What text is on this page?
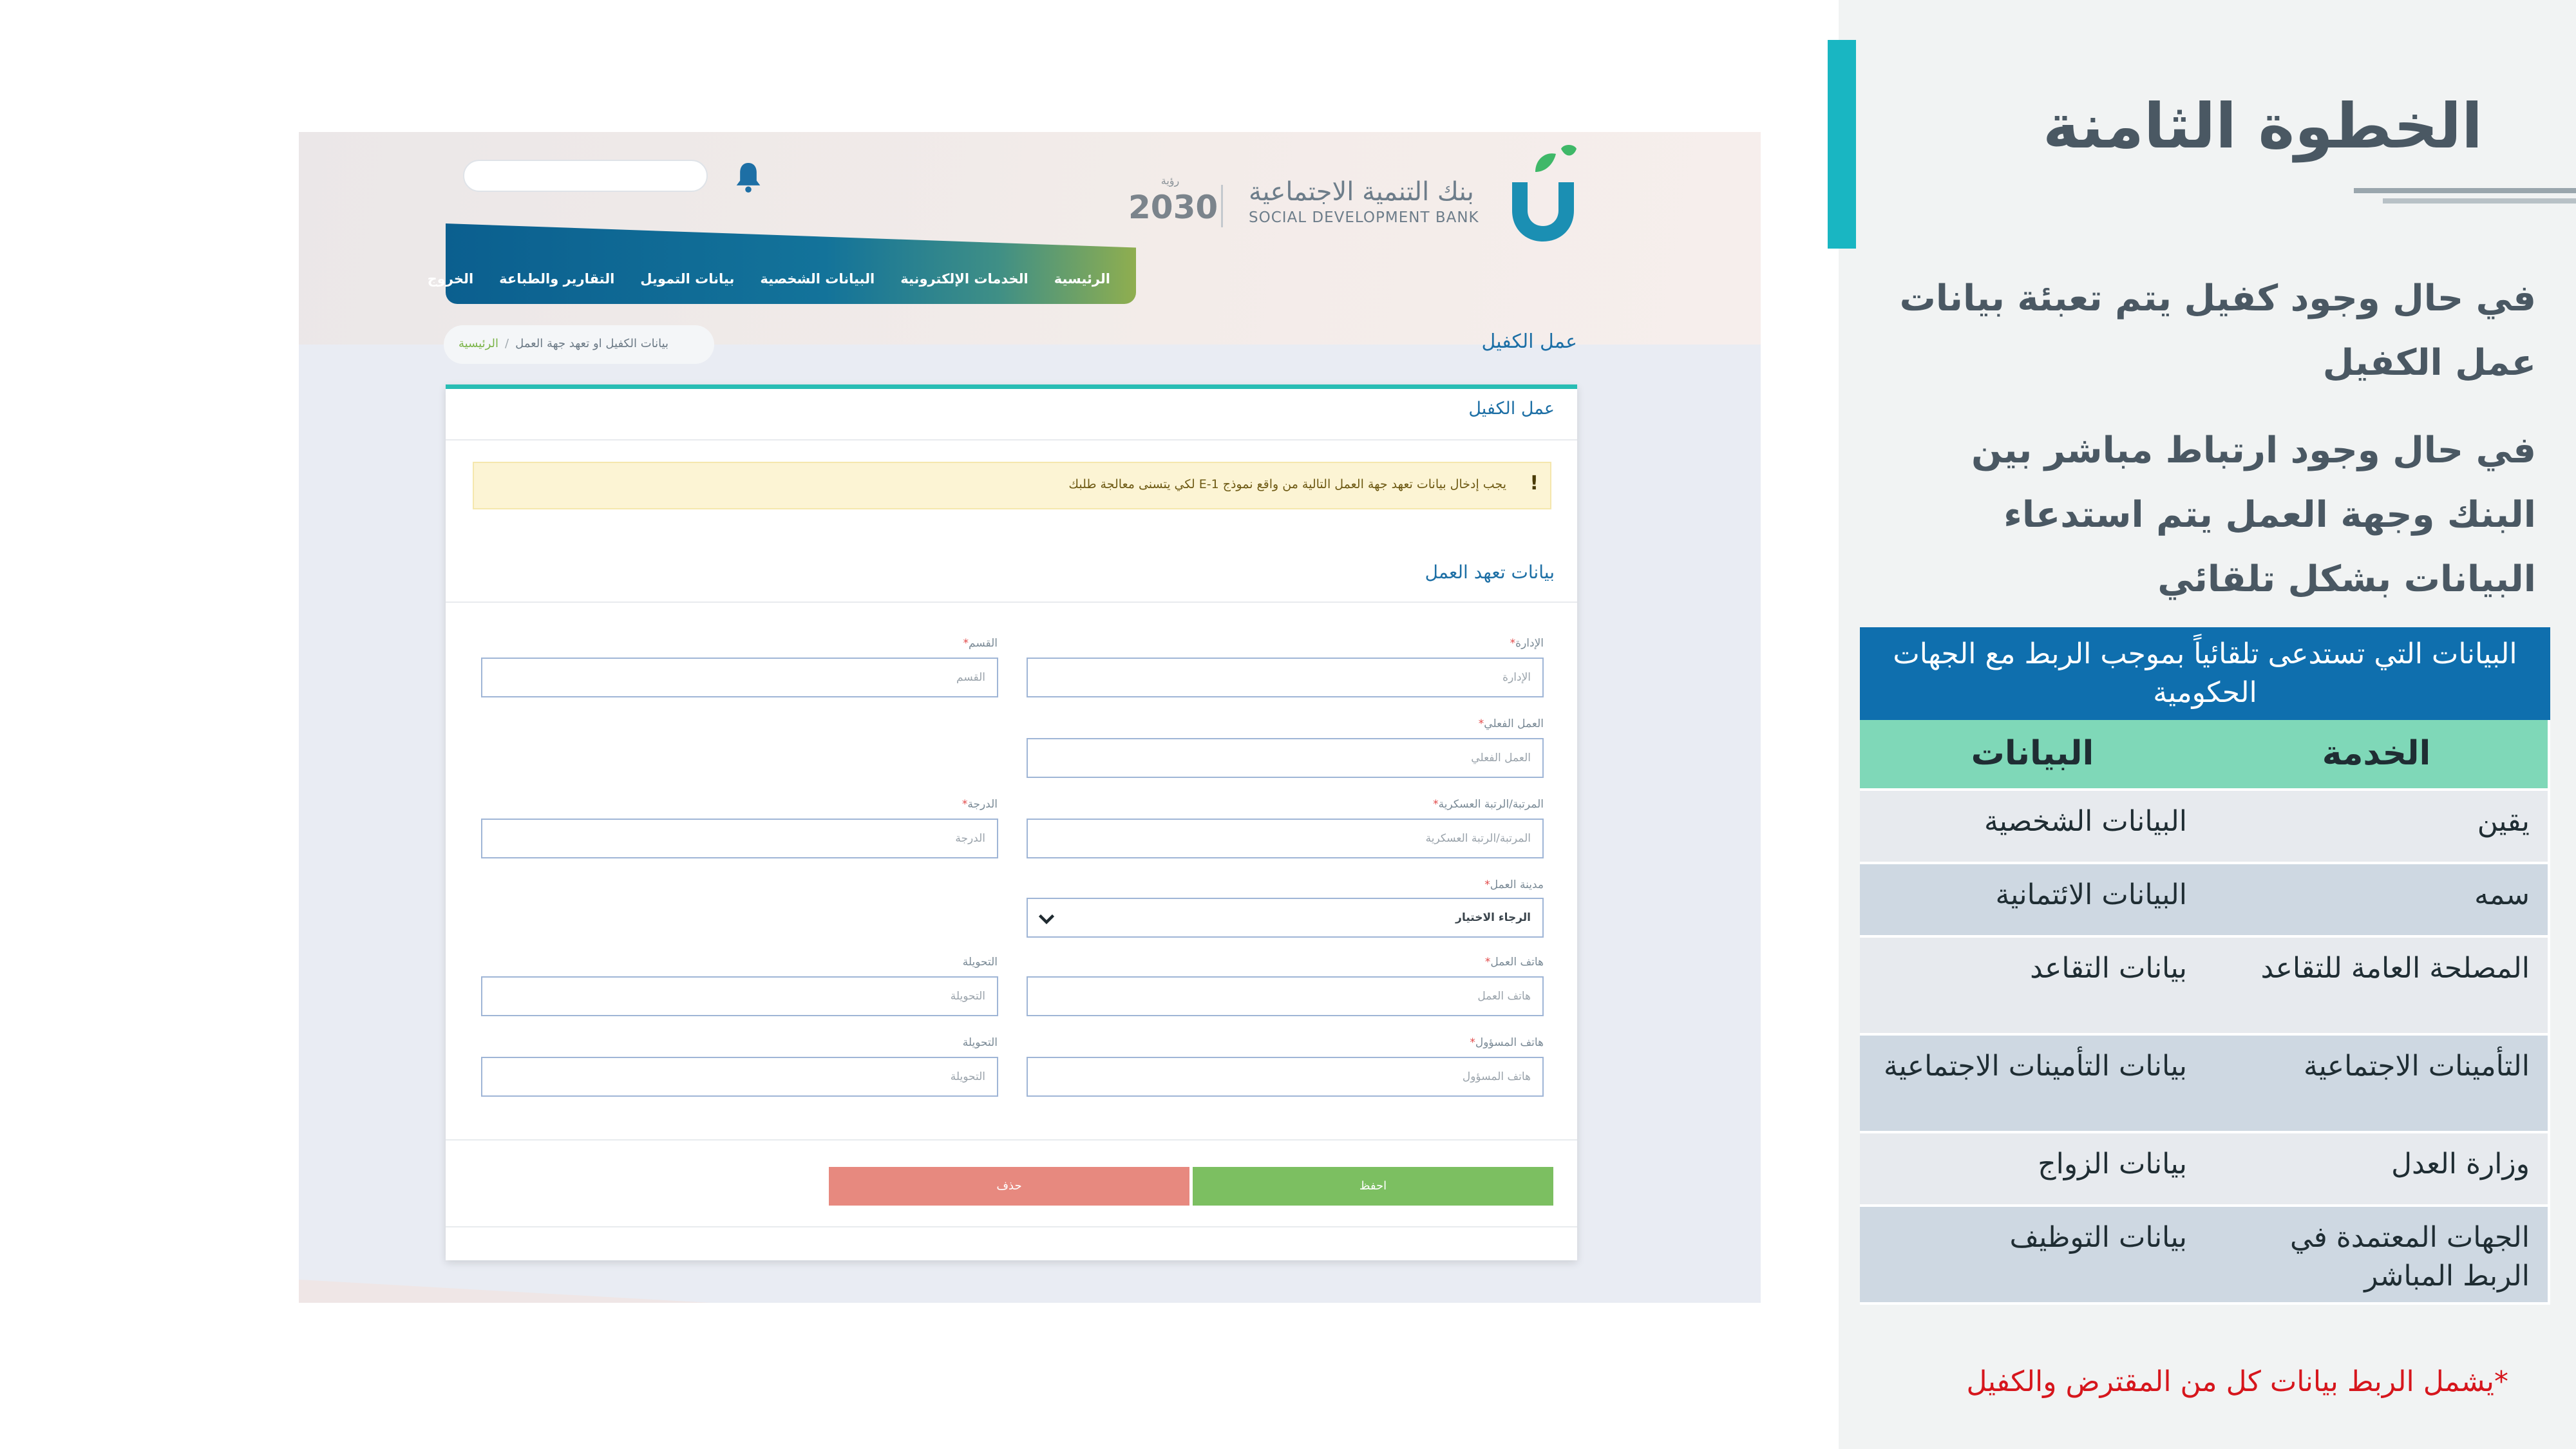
بنك التنمية الاجتماعية
SOCIAL DEVELOPMENT BANK
رؤية
2030
الرئيسية
الخدمات الإلكترونية
البيانات الشخصية
بيانات التمويل
التقارير والطباعة
الخروج
الرئيسية / بيانات الكفيل او تعهد جهة العمل	عمل الكفيل
عمل الكفيل
!
يجب إدخال بيانات تعهد جهة العمل التالية من واقع نموذج E-1 لكي يتسنى معالجة طلبك
بيانات تعهد العمل
الإدارة*
الإدارة
القسم*
القسم
العمل الفعلي*
العمل الفعلي
المرتبة/الرتبة العسكرية*
المرتبة/الرتبة العسكرية
الدرجة*
الدرجة
مدينة العمل*
الرجاء الاختيار
هاتف العمل*
هاتف العمل
التحويلة
التحويلة
هاتف المسؤول*
هاتف المسؤول
التحويلة
التحويلة
احفظ
حذف
الخطوة الثامنة
في حال وجود كفيل يتم تعبئة بيانات عمل الكفيل
في حال وجود ارتباط مباشر بين البنك وجهة العمل يتم استدعاء البيانات بشكل تلقائي
*يشمل الربط بيانات كل من المقترض والكفيل
البيانات التي تستدعى تلقائياً بموجب الربط مع الجهات الحكومية
الخدمة
البيانات
يقين
البيانات الشخصية
سمه
البيانات الائتمانية
المصلحة العامة للتقاعد
بيانات التقاعد
التأمينات الاجتماعية
بيانات التأمينات الاجتماعية
وزارة العدل
بيانات الزواج
الجهات المعتمدة في الربط المباشر
بيانات التوظيف
